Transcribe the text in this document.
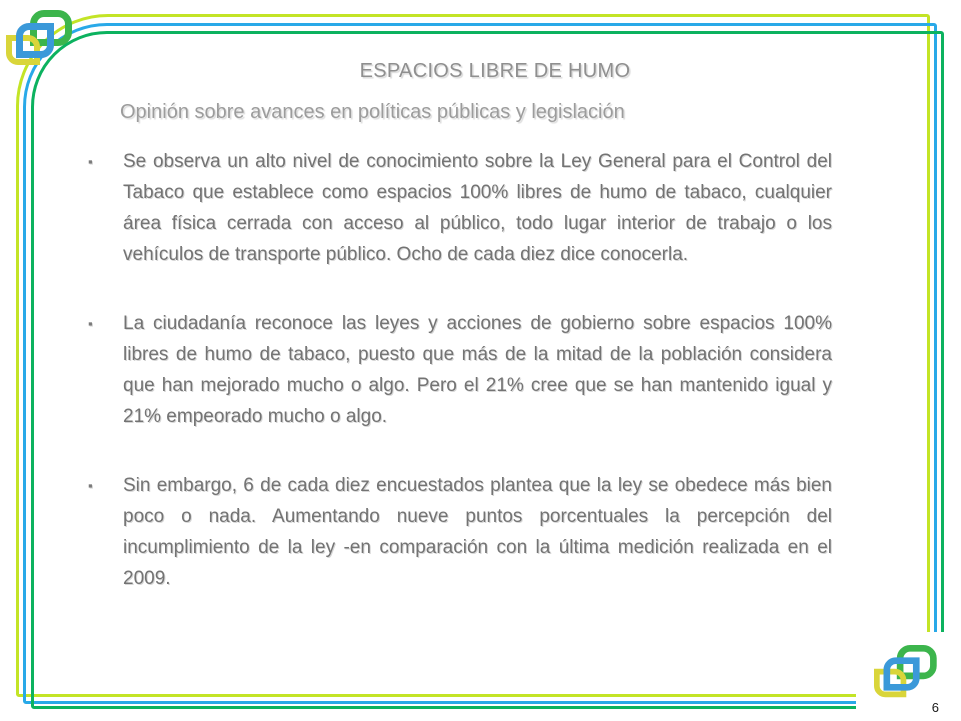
ESPACIOS LIBRE DE HUMO
Opinión sobre avances en políticas públicas y legislación
▪	Se observa un alto nivel de conocimiento sobre la Ley General para el Control del Tabaco que establece como espacios 100% libres de humo de tabaco, cualquier área física cerrada con acceso al público, todo lugar interior de trabajo o los vehículos de transporte público. Ocho de cada diez dice conocerla.

▪	La ciudadanía reconoce las leyes y acciones de gobierno sobre espacios 100% libres de humo de tabaco, puesto que más de la mitad de la población considera que han mejorado mucho o algo. Pero el 21% cree que se han mantenido igual y 21% empeorado mucho o algo.

▪	Sin embargo, 6 de cada diez encuestados plantea que la ley se obedece más bien poco o nada. Aumentando nueve puntos porcentuales la percepción del incumplimiento de la ley -en comparación con la última medición realizada en el 2009.

6
